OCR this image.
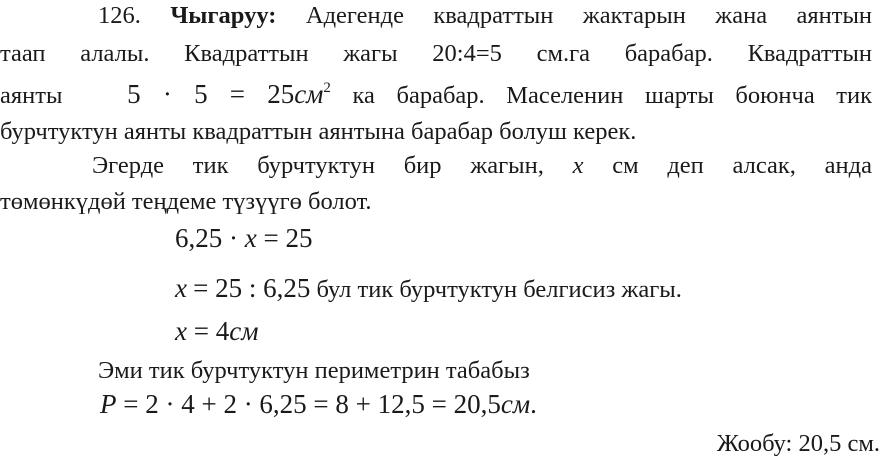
126. Чыгаруу: Адегенде квадраттын жактарын жана аянтын
таап алалы. Квадраттын жагы 20:4=5 см.га барабар. Квадраттын
аянты $5 \cdot 5 = 25см^2$ ка барабар. Маселенин шарты боюнча тик
бурчтуктун аянты квадраттын аянтына барабар болуш керек.
Эгерде тик бурчтуктун бир жагын, x см деп алсак, анда
төмөнкүдөй теңдеме түзүүгө болот.
6,25 · x = 25
x = 25 : 6,25 бул тик бурчтуктун белгисиз жагы.
x = 4см
Эми тик бурчтуктун периметрин табабыз
P = 2 · 4 + 2 · 6,25 = 8 + 12,5 = 20,5см.
Жообу: 20,5 см.
